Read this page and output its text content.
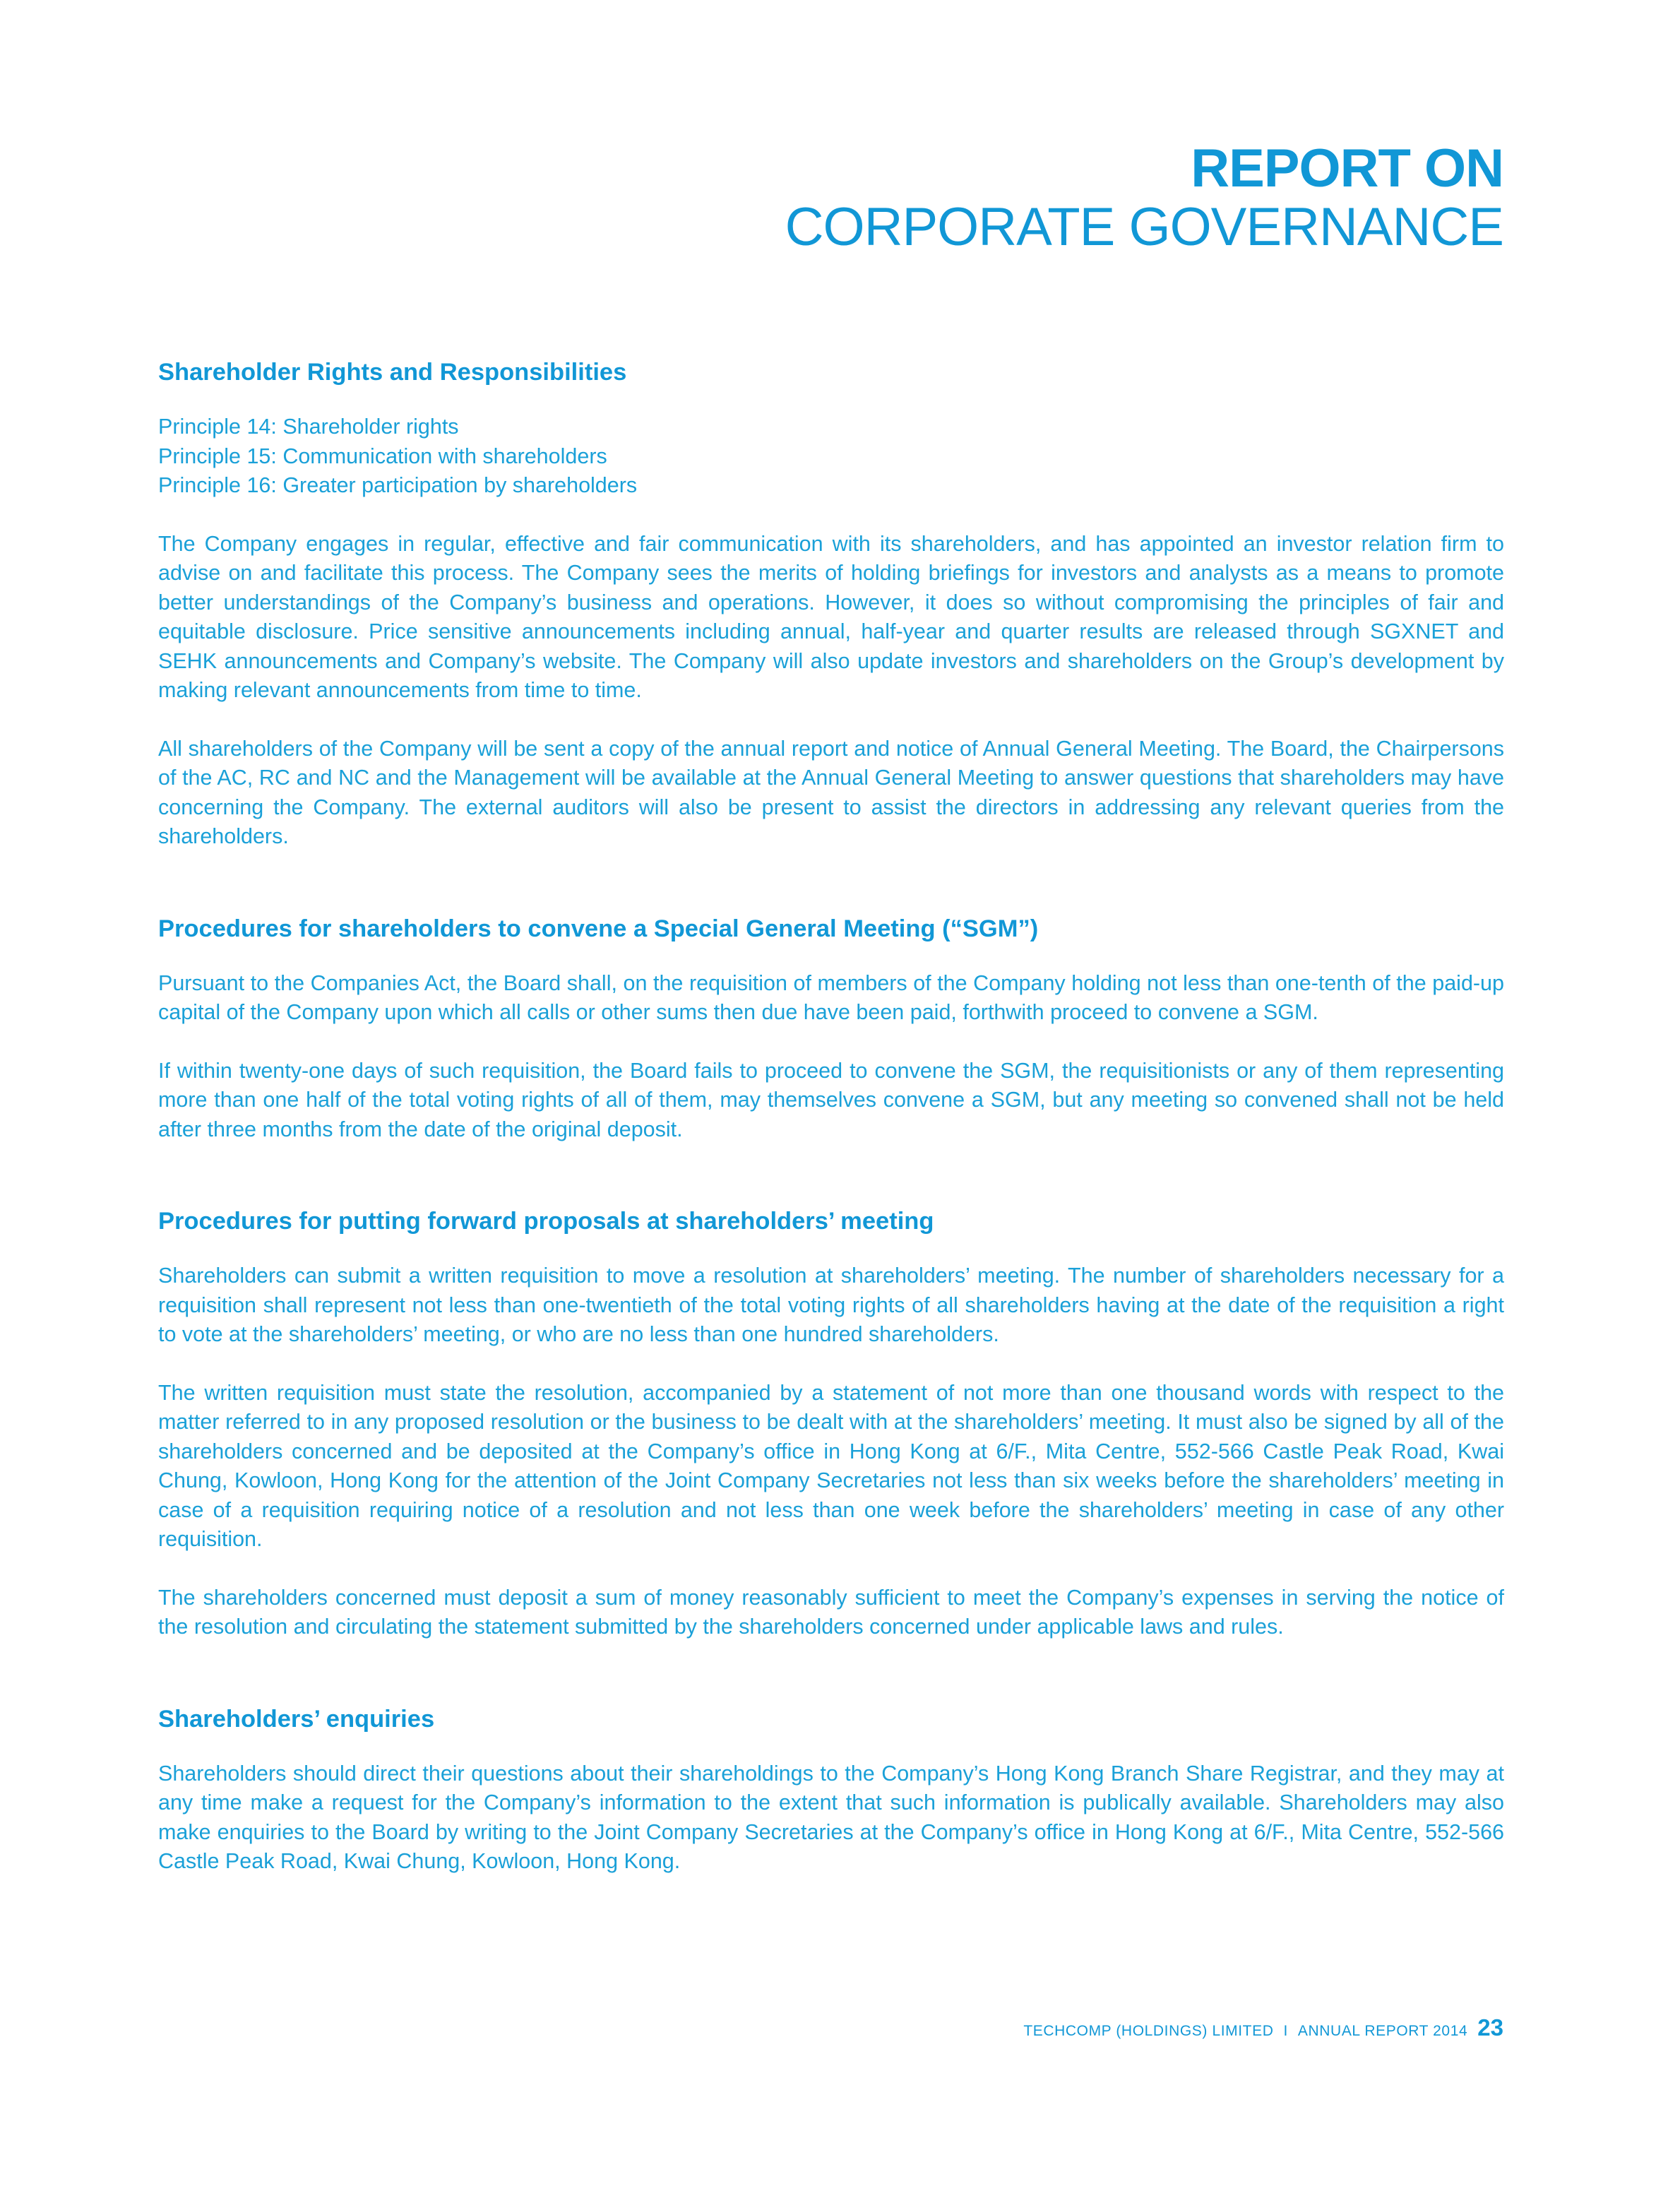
REPORT ON
CORPORATE GOVERNANCE
Shareholder Rights and Responsibilities
Principle 14: Shareholder rights
Principle 15: Communication with shareholders
Principle 16: Greater participation by shareholders

The Company engages in regular, effective and fair communication with its shareholders, and has appointed an investor relation firm to advise on and facilitate this process. The Company sees the merits of holding briefings for investors and analysts as a means to promote better understandings of the Company’s business and operations. However, it does so without compromising the principles of fair and equitable disclosure. Price sensitive announcements including annual, half-year and quarter results are released through SGXNET and SEHK announcements and Company’s website. The Company will also update investors and shareholders on the Group’s development by making relevant announcements from time to time.

All shareholders of the Company will be sent a copy of the annual report and notice of Annual General Meeting. The Board, the Chairpersons of the AC, RC and NC and the Management will be available at the Annual General Meeting to answer questions that shareholders may have concerning the Company. The external auditors will also be present to assist the directors in addressing any relevant queries from the shareholders.

Procedures for shareholders to convene a Special General Meeting (“SGM”)

Pursuant to the Companies Act, the Board shall, on the requisition of members of the Company holding not less than one-tenth of the paid-up capital of the Company upon which all calls or other sums then due have been paid, forthwith proceed to convene a SGM.

If within twenty-one days of such requisition, the Board fails to proceed to convene the SGM, the requisitionists or any of them representing more than one half of the total voting rights of all of them, may themselves convene a SGM, but any meeting so convened shall not be held after three months from the date of the original deposit.

Procedures for putting forward proposals at shareholders’ meeting

Shareholders can submit a written requisition to move a resolution at shareholders’ meeting. The number of shareholders necessary for a requisition shall represent not less than one-twentieth of the total voting rights of all shareholders having at the date of the requisition a right to vote at the shareholders’ meeting, or who are no less than one hundred shareholders.

The written requisition must state the resolution, accompanied by a statement of not more than one thousand words with respect to the matter referred to in any proposed resolution or the business to be dealt with at the shareholders’ meeting. It must also be signed by all of the shareholders concerned and be deposited at the Company’s office in Hong Kong at 6/F., Mita Centre, 552-566 Castle Peak Road, Kwai Chung, Kowloon, Hong Kong for the attention of the Joint Company Secretaries not less than six weeks before the shareholders’ meeting in case of a requisition requiring notice of a resolution and not less than one week before the shareholders’ meeting in case of any other requisition.

The shareholders concerned must deposit a sum of money reasonably sufficient to meet the Company’s expenses in serving the notice of the resolution and circulating the statement submitted by the shareholders concerned under applicable laws and rules.

Shareholders’ enquiries

Shareholders should direct their questions about their shareholdings to the Company’s Hong Kong Branch Share Registrar, and they may at any time make a request for the Company’s information to the extent that such information is publically available. Shareholders may also make enquiries to the Board by writing to the Joint Company Secretaries at the Company’s office in Hong Kong at 6/F., Mita Centre, 552-566 Castle Peak Road, Kwai Chung, Kowloon, Hong Kong.

TECHCOMP (HOLDINGS) LIMITED I ANNUAL REPORT 2014 23
